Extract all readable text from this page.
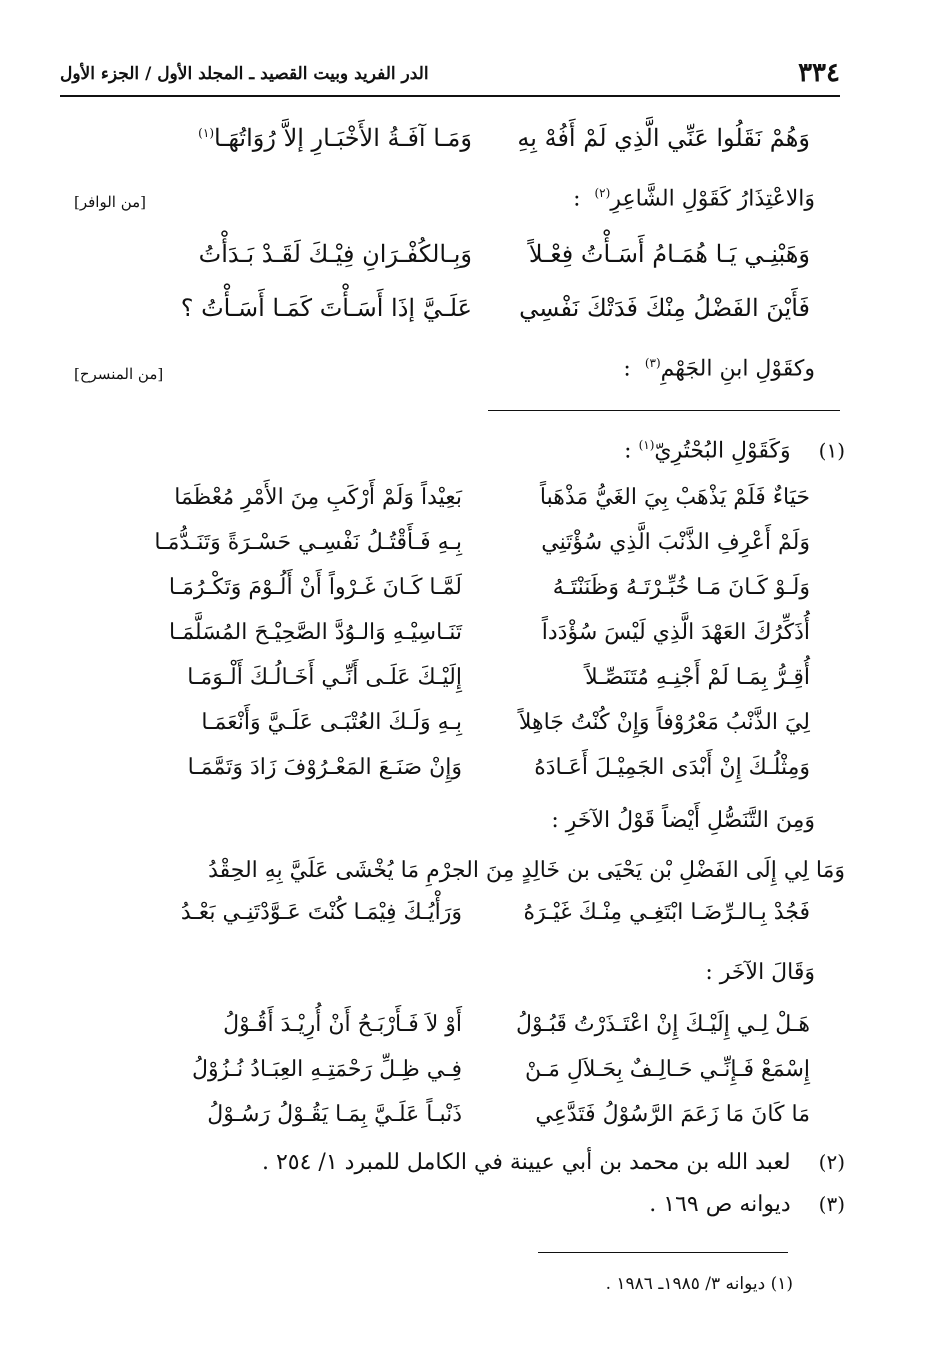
٣٣٤
الدر الفريد وبيت القصيد ـ المجلد الأول / الجزء الأول
وَهُمْ نَقَلُوا عَنِّي الَّذِي لَمْ أَفُهْ بِهِ
وَمَـا آفَـةُ الأَخْبَـارِ إلاَّ رُوَاتُهَـا$^{(١)}$
وَالاعْتِذَارُ كَقَوْلِ الشَّاعِرِ$^{(٢)}$  :
[من الوافر]
وَهَبْنِـي يَـا هُمَـامُ أَسَـأْتُ فِعْـلاً
وَبِـالكُفْـرَانِ فِيْـكَ لَقَـدْ بَـدَأْتُ
فَأَيْنَ الفَضْلُ مِنْكَ فَدَتْكَ نَفْسِي
عَلَـيَّ إذَا أَسَـأْتَ كَمَـا أَسَـأْتُ ؟
وكقَوْلِ ابنِ الجَهْمِ$^{(٣)}$  :
[من المنسرح]
(١)    وَكَقَوْلِ البُحْتُرِيّ$^{(١)}$ :
حَيَاءٌ فَلَمْ يَذْهَبْ بِيَ الغَيُّ مَذْهَباً
بَعِيْداً وَلَمْ أَرْكَبِ مِنَ الأَمْرِ مُعْظَمَا
وَلَمْ أَعْرِفِ الذَّنْبَ الَّذِي سُؤْتَنِي
بِـهِ فَـأَقْتُـلُ نَفْسِـي حَسْـرَةً وَتَنَـدُّمَـا
وَلَـوْ كَـانَ مَـا خُبِّـرْتَـهُ وَظَنَنْتَـهُ
لَمَّـا كَـانَ غَـرْواً أَنْ أَلُـوْمَ وَتَكْـرُمَـا
أُذَكِّرُكَ العَهْدَ الَّذِي لَيْسَ سُؤْدَداً
تَنَـاسِيْـهِ وَالـوُدَّ الصَّحِيْـحَ المُسَلَّمَـا
أُقِـرُّ بِمَـا لَمْ أَجْنِـهِ مُتَنَصِّـلاً
إِلَيْـكَ عَلَـى أَنِّـي أَخَـالُـكَ أَلْـوَمَـا
لِيَ الذَّنْبُ مَعْرُوْفاً وَإِنْ كُنْتُ جَاهِلاً
بِـهِ وَلَـكَ العُتْبَـى عَلَـيَّ وَأَنْعَمَـا
وَمِثْلُـكَ إِنْ أَبْدَى الجَمِيْـلَ أَعَـادَهُ
وَإِنْ صَنَـعَ المَعْـرُوْفَ زَادَ وَتَمَّمَـا
وَمِنَ التَّنَصُّلِ أَيْضاً قَوْلُ الآخَرِ :
وَمَا لِي إِلَى الفَضْلِ بْن يَحْيَى بن خَالِدٍ مِنَ الجرْمِ مَا يُخْشَى عَلَيَّ بِهِ الحِقْدُ
فَجُدْ بِـالـرِّضَـا ابْتَغِـي مِنْـكَ غَيْـرَهُ
وَرَأْيُـكَ فِيْمَـا كُنْتَ عَـوَّدْتَنِـي بَعْـدُ
وَقَالَ الآخَر :
هَـلْ لِـي إِلَيْـكَ إِنْ اعْتَـذَرْتُ قَبُـوْلُ
أَوْ لاَ فَـأَرْبَـحُ أَنْ أُرِيْـدَ أَقُـوْلُ
إِسْمَعْ فَـإِنِّـي حَـالِـفٌ بِحَـلاَلِ مَـنْ
فِـي ظِـلِّ رَحْمَتِـهِ العِبَـادُ نُـزُوْلُ
مَا كَانَ مَا زَعَمَ الرَّسُوْلُ فَتَدَّعِي
ذَنْبـاً عَلَـيَّ بِمَـا يَقُـوْلُ رَسُـوْلُ
(٢)    لعبد الله بن محمد بن أبي عيينة في الكامل للمبرد ١/ ٢٥٤ .
(٣)    ديوانه ص ١٦٩ .
(١) ديوانه ٣/ ١٩٨٥ـ ١٩٨٦ .
